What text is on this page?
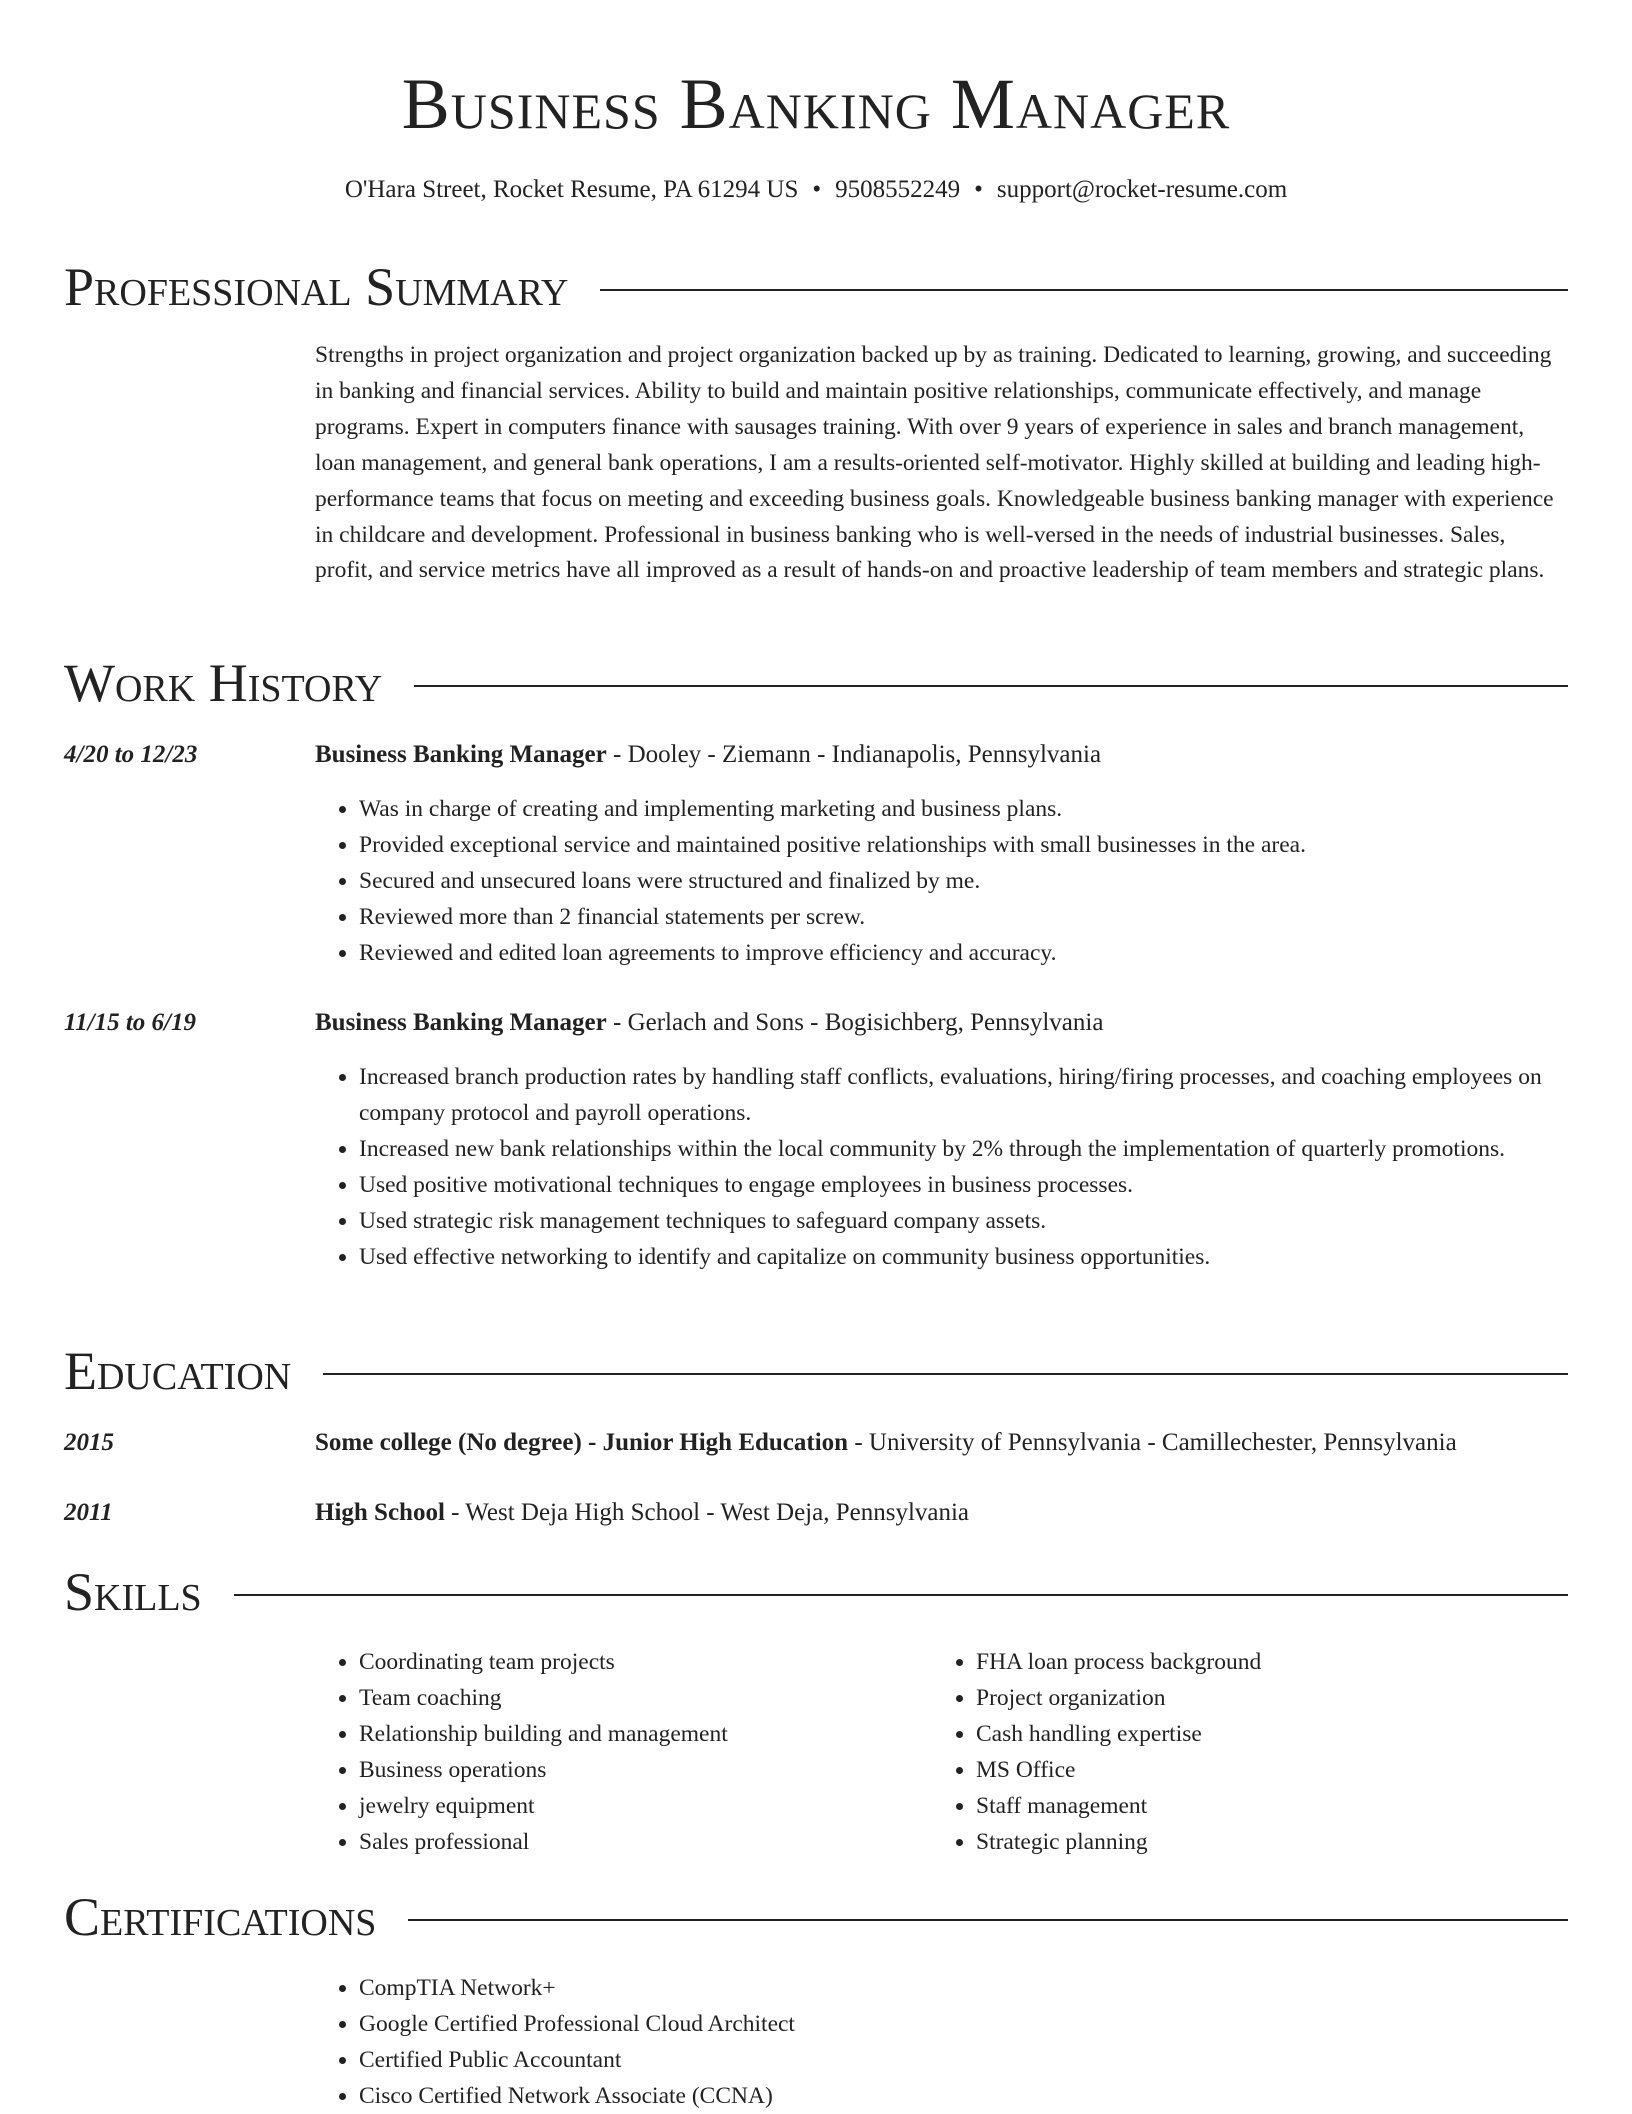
Business Banking Manager
O'Hara Street, Rocket Resume, PA 61294 US • 9508552249 • support@rocket-resume.com
Professional Summary

Strengths in project organization and project organization backed up by as training. Dedicated to learning, growing, and succeeding in banking and financial services. Ability to build and maintain positive relationships, communicate effectively, and manage programs. Expert in computers finance with sausages training. With over 9 years of experience in sales and branch management, loan management, and general bank operations, I am a results-oriented self-motivator. Highly skilled at building and leading high-performance teams that focus on meeting and exceeding business goals. Knowledgeable business banking manager with experience in childcare and development. Professional in business banking who is well-versed in the needs of industrial businesses. Sales, profit, and service metrics have all improved as a result of hands-on and proactive leadership of team members and strategic plans.

Work History
4/20 to 12/23	Business Banking Manager - Dooley - Ziemann - Indianapolis, Pennsylvania
• Was in charge of creating and implementing marketing and business plans.
• Provided exceptional service and maintained positive relationships with small businesses in the area.
• Secured and unsecured loans were structured and finalized by me.
• Reviewed more than 2 financial statements per screw.
• Reviewed and edited loan agreements to improve efficiency and accuracy.
11/15 to 6/19	Business Banking Manager - Gerlach and Sons - Bogisichberg, Pennsylvania
• Increased branch production rates by handling staff conflicts, evaluations, hiring/firing processes, and coaching employees on company protocol and payroll operations.
• Increased new bank relationships within the local community by 2% through the implementation of quarterly promotions.
• Used positive motivational techniques to engage employees in business processes.
• Used strategic risk management techniques to safeguard company assets.
• Used effective networking to identify and capitalize on community business opportunities.
Education
2015	Some college (No degree) - Junior High Education - University of Pennsylvania - Camillechester, Pennsylvania
2011	High School - West Deja High School - West Deja, Pennsylvania
Skills
• Coordinating team projects
• Team coaching
• Relationship building and management
• Business operations
• jewelry equipment
• Sales professional
• FHA loan process background
• Project organization
• Cash handling expertise
• MS Office
• Staff management
• Strategic planning
Certifications
• CompTIA Network+
• Google Certified Professional Cloud Architect
• Certified Public Accountant
• Cisco Certified Network Associate (CCNA)
